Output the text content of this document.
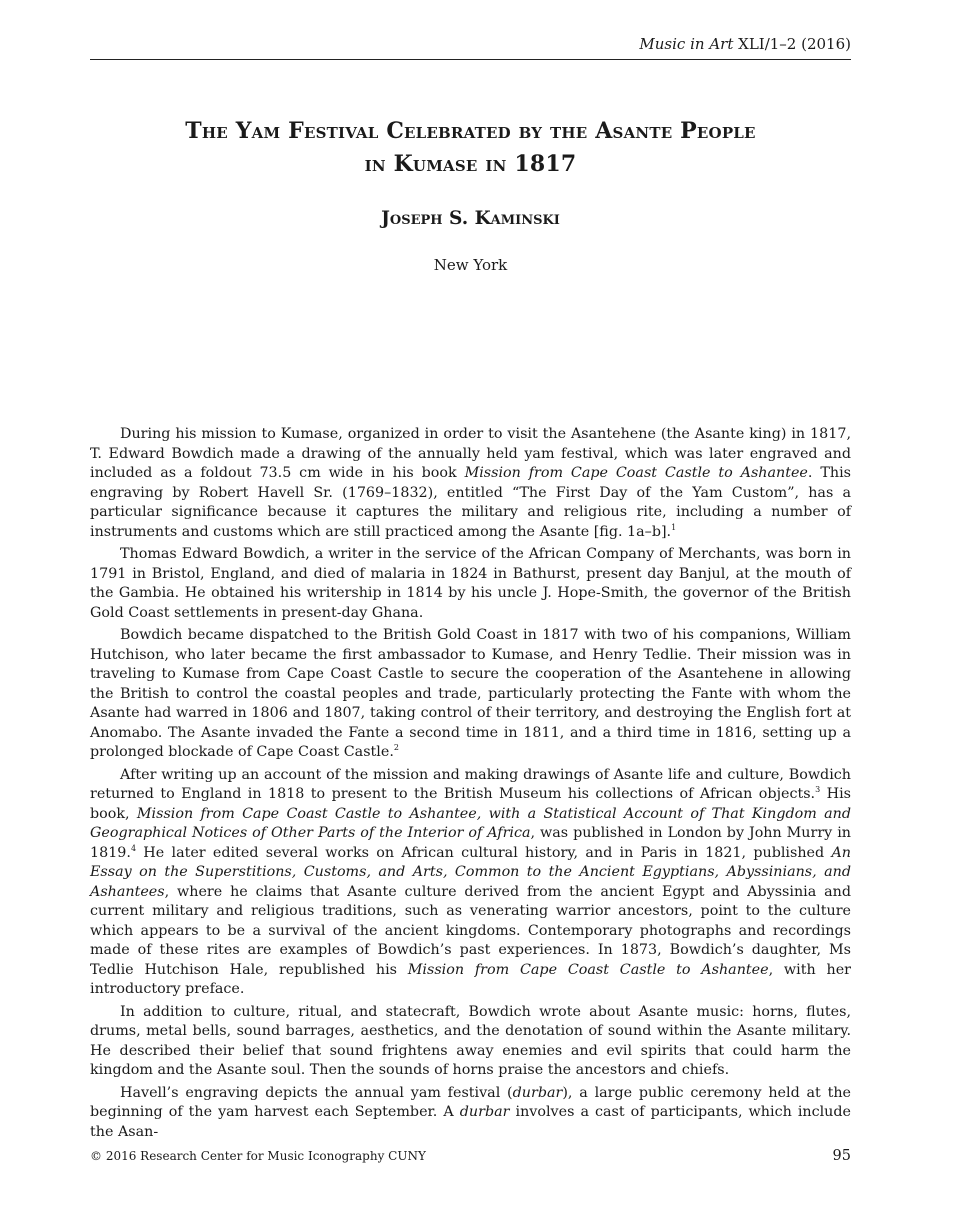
Music in Art XLI/1–2 (2016)
The Yam Festival Celebrated by the Asante People
in Kumase in 1817
Joseph S. Kaminski
New York

During his mission to Kumase, organized in order to visit the Asantehene (the Asante king) in 1817, T. Edward Bowdich made a drawing of the annually held yam festival, which was later engraved and included as a foldout 73.5 cm wide in his book Mission from Cape Coast Castle to Ashantee. This engraving by Robert Havell Sr. (1769–1832), entitled “The First Day of the Yam Custom”, has a particular significance because it captures the military and religious rite, including a number of instruments and customs which are still practiced among the Asante [fig. 1a–b].$^1$

Thomas Edward Bowdich, a writer in the service of the African Company of Merchants, was born in 1791 in Bristol, England, and died of malaria in 1824 in Bathurst, present day Banjul, at the mouth of the Gambia. He obtained his writership in 1814 by his uncle J. Hope-Smith, the governor of the British Gold Coast settlements in present-day Ghana.

Bowdich became dispatched to the British Gold Coast in 1817 with two of his companions, William Hutchison, who later became the first ambassador to Kumase, and Henry Tedlie. Their mission was in traveling to Kumase from Cape Coast Castle to secure the cooperation of the Asantehene in allowing the British to control the coastal peoples and trade, particularly protecting the Fante with whom the Asante had warred in 1806 and 1807, taking control of their territory, and destroying the English fort at Anomabo. The Asante invaded the Fante a second time in 1811, and a third time in 1816, setting up a prolonged blockade of Cape Coast Castle.$^2$

After writing up an account of the mission and making drawings of Asante life and culture, Bowdich returned to England in 1818 to present to the British Museum his collections of African objects.$^3$ His book, Mission from Cape Coast Castle to Ashantee, with a Statistical Account of That Kingdom and Geographical Notices of Other Parts of the Interior of Africa, was published in London by John Murry in 1819.$^4$ He later edited several works on African cultural history, and in Paris in 1821, published An Essay on the Superstitions, Customs, and Arts, Common to the Ancient Egyptians, Abyssinians, and Ashantees, where he claims that Asante culture derived from the ancient Egypt and Abyssinia and current military and religious traditions, such as venerating warrior ancestors, point to the culture which appears to be a survival of the ancient kingdoms. Contemporary photographs and recordings made of these rites are examples of Bowdich’s past experiences. In 1873, Bowdich’s daughter, Ms Tedlie Hutchison Hale, republished his Mission from Cape Coast Castle to Ashantee, with her introductory preface.

In addition to culture, ritual, and statecraft, Bowdich wrote about Asante music: horns, flutes, drums, metal bells, sound barrages, aesthetics, and the denotation of sound within the Asante military. He described their belief that sound frightens away enemies and evil spirits that could harm the kingdom and the Asante soul. Then the sounds of horns praise the ancestors and chiefs.

Havell’s engraving depicts the annual yam festival (durbar), a large public ceremony held at the beginning of the yam harvest each September. A durbar involves a cast of participants, which include the Asan-

© 2016 Research Center for Music Iconography CUNY	95
